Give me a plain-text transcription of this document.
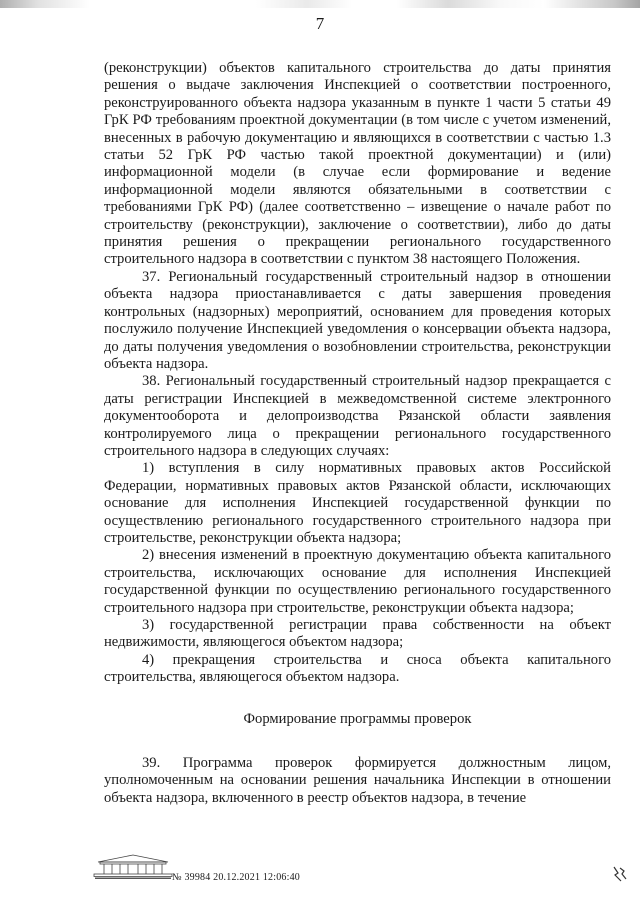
7

(реконструкции) объектов капитального строительства до даты принятия решения о выдаче заключения Инспекцией о соответствии построенного, реконструированного объекта надзора указанным в пункте 1 части 5 статьи 49 ГрК РФ требованиям проектной документации (в том числе с учетом изменений, внесенных в рабочую документацию и являющихся в соответствии с частью 1.3 статьи 52 ГрК РФ частью такой проектной документации) и (или) информационной модели (в случае если формирование и ведение информационной модели являются обязательными в соответствии с требованиями ГрК РФ) (далее соответственно – извещение о начале работ по строительству (реконструкции), заключение о соответствии), либо до даты принятия решения о прекращении регионального государственного строительного надзора в соответствии с пунктом 38 настоящего Положения.

37. Региональный государственный строительный надзор в отношении объекта надзора приостанавливается с даты завершения проведения контрольных (надзорных) мероприятий, основанием для проведения которых послужило получение Инспекцией уведомления о консервации объекта надзора, до даты получения уведомления о возобновлении строительства, реконструкции объекта надзора.

38. Региональный государственный строительный надзор прекращается с даты регистрации Инспекцией в межведомственной системе электронного документооборота и делопроизводства Рязанской области заявления контролируемого лица о прекращении регионального государственного строительного надзора в следующих случаях:

1) вступления в силу нормативных правовых актов Российской Федерации, нормативных правовых актов Рязанской области, исключающих основание для исполнения Инспекцией государственной функции по осуществлению регионального государственного строительного надзора при строительстве, реконструкции объекта надзора;

2) внесения изменений в проектную документацию объекта капитального строительства, исключающих основание для исполнения Инспекцией государственной функции по осуществлению регионального государственного строительного надзора при строительстве, реконструкции объекта надзора;

3) государственной регистрации права собственности на объект недвижимости, являющегося объектом надзора;

4) прекращения строительства и сноса объекта капитального строительства, являющегося объектом надзора.

Формирование программы проверок

39. Программа проверок формируется должностным лицом, уполномоченным на основании решения начальника Инспекции в отношении объекта надзора, включенного в реестр объектов надзора, в течение

№ 39984 20.12.2021 12:06:40
